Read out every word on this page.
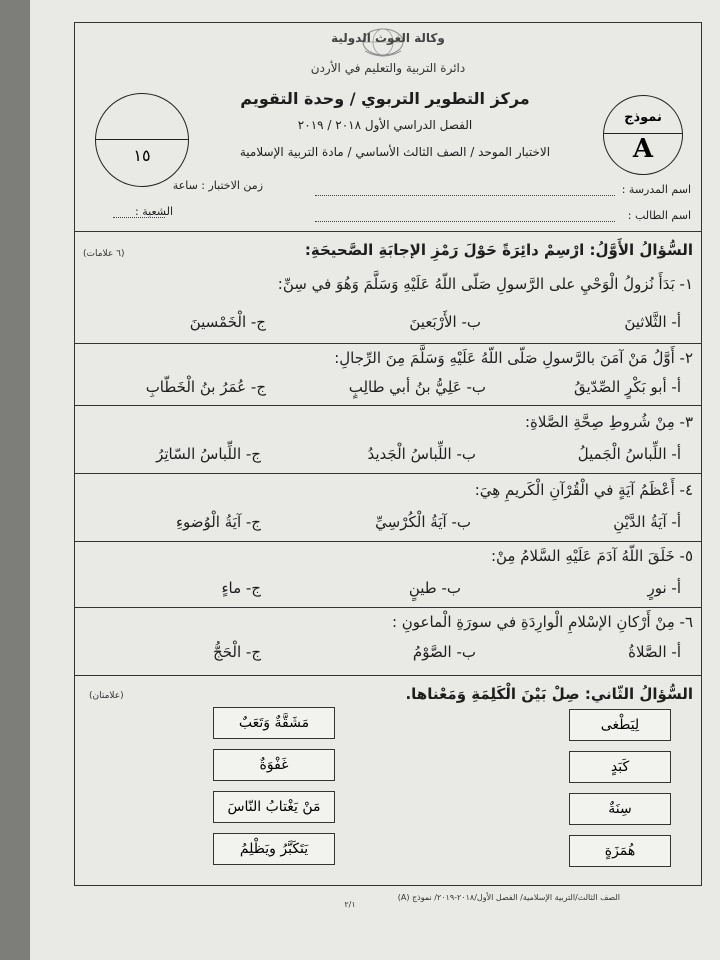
وكالة الغوث الدولية
دائرة التربية والتعليم في الأردن
مركز التطوير التربوي / وحدة التقويم
الفصل الدراسي الأول ٢٠١٨ / ٢٠١٩
الاختبار الموحد / الصف الثالث الأساسي / مادة التربية الإسلامية
١٥
نموذج
A
اسم المدرسة :
اسم الطالب :
زمن الاختبار : ساعة
الشعبة :
السُّؤالُ الأَوَّلُ: ارْسِمْ دائِرَةً حَوْلَ رَمْزِ الإجابَةِ الصَّحيحَةِ:
(٦ علامات)
١- بَدَأَ نُزولُ الْوَحْيِ على الرَّسولِ صَلّى اللّهُ عَلَيْهِ وَسَلَّمَ وَهُوَ في سِنِّ:
أ- الثَّلاثينَ
ب- الأَرْبَعينَ
ج- الْخَمْسينَ
٢- أَوَّلُ مَنْ آمَنَ بالرَّسولِ صَلّى اللّهُ عَلَيْهِ وَسَلَّمَ مِنَ الرِّجالِ:
أ- أبو بَكْرٍ الصِّدّيقُ
ب- عَلِيُّ بنُ أبي طالِبٍ
ج- عُمَرُ بنُ الْخَطّابِ
٣- مِنْ شُروطِ صِحَّةِ الصَّلاةِ:
أ- اللِّباسُ الْجَميلُ
ب- اللِّباسُ الْجَديدُ
ج- اللِّباسُ السّاتِرُ
٤- أَعْظَمُ آيَةٍ في الْقُرْآنِ الْكَريمِ هِيَ:
أ- آيَةُ الدَّيْنِ
ب- آيَةُ الْكُرْسِيِّ
ج- آيَةُ الْوُضوءِ
٥- خَلَقَ اللّهُ آدَمَ عَلَيْهِ السَّلامُ مِنْ:
أ- نورٍ
ب- طينٍ
ج- ماءٍ
٦- مِنْ أَرْكانِ الإسْلامِ الْوارِدَةِ في سورَةِ الْماعونِ :
أ- الصَّلاةُ
ب- الصَّوْمُ
ج- الْحَجُّ
السُّؤالُ الثّاني: صِلْ بَيْنَ الْكَلِمَةِ وَمَعْناها.
(علامتان)
لِيَطْغى
كَبَدٍ
سِنَةٌ
هُمَزَةٍ
مَشَقَّةٌ وَتَعَبٌ
غَفْوَةٌ
مَنْ يَغْتابُ النّاسَ
يَتَكَبَّرُ ويَظْلِمُ
الصف الثالث/التربية الإسلامية/ الفصل الأول/٢٠١٨-٢٠١٩/ نموذج (A)
٢/١
